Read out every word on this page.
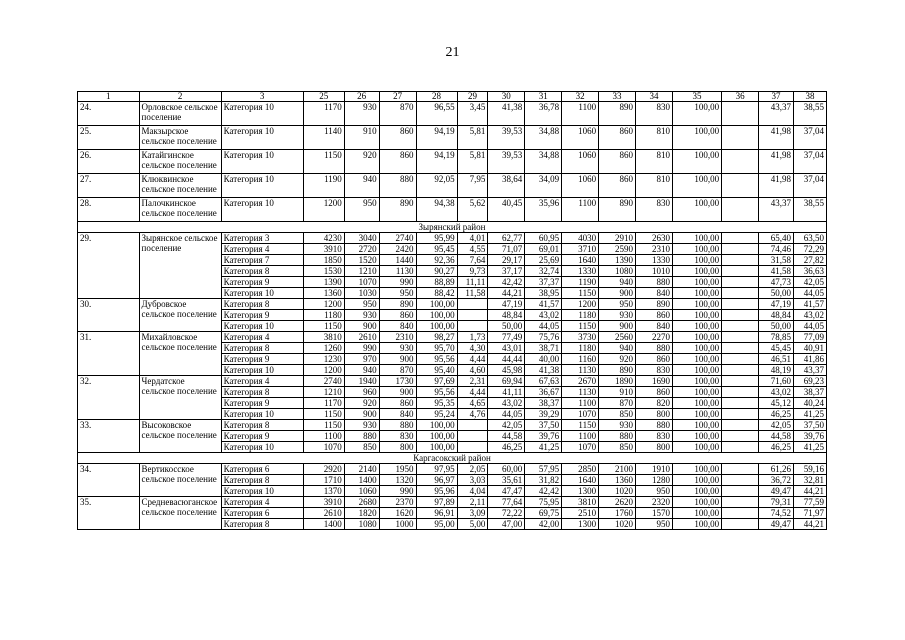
21
1	2	3	25	26	27	28	29	30	31	32	33	34	35	36	37	38
24.	Орловское сельское поселение	Категория 10	1170	930	870	96,55	3,45	41,38	36,78	1100	890	830	100,00		43,37	38,55
25.	Макзырское сельское поселение	Категория 10	1140	910	860	94,19	5,81	39,53	34,88	1060	860	810	100,00		41,98	37,04
26.	Катайгинское сельское поселение	Категория 10	1150	920	860	94,19	5,81	39,53	34,88	1060	860	810	100,00		41,98	37,04
27.	Клюквинское сельское поселение	Категория 10	1190	940	880	92,05	7,95	38,64	34,09	1060	860	810	100,00		41,98	37,04
28.	Палочкинское сельское поселение	Категория 10	1200	950	890	94,38	5,62	40,45	35,96	1100	890	830	100,00		43,37	38,55
Зырянский район																
29.	Зырянское сельское поселение	Категория 3	4230	3040	2740	95,99	4,01	62,77	60,95	4030	2910	2630	100,00		65,40	63,50
		Категория 4	3910	2720	2420	95,45	4,55	71,07	69,01	3710	2590	2310	100,00		74,46	72,29
		Категория 7	1850	1520	1440	92,36	7,64	29,17	25,69	1640	1390	1330	100,00		31,58	27,82
		Категория 8	1530	1210	1130	90,27	9,73	37,17	32,74	1330	1080	1010	100,00		41,58	36,63
		Категория 9	1390	1070	990	88,89	11,11	42,42	37,37	1190	940	880	100,00		47,73	42,05
		Категория 10	1360	1030	950	88,42	11,58	44,21	38,95	1150	900	840	100,00		50,00	44,05
30.	Дубровское сельское поселение	Категория 8	1200	950	890	100,00		47,19	41,57	1200	950	890	100,00		47,19	41,57
		Категория 9	1180	930	860	100,00		48,84	43,02	1180	930	860	100,00		48,84	43,02
		Категория 10	1150	900	840	100,00		50,00	44,05	1150	900	840	100,00		50,00	44,05
31.	Михайловское сельское поселение	Категория 4	3810	2610	2310	98,27	1,73	77,49	75,76	3730	2560	2270	100,00		78,85	77,09
		Категория 8	1260	990	930	95,70	4,30	43,01	38,71	1180	940	880	100,00		45,45	40,91
		Категория 9	1230	970	900	95,56	4,44	44,44	40,00	1160	920	860	100,00		46,51	41,86
		Категория 10	1200	940	870	95,40	4,60	45,98	41,38	1130	890	830	100,00		48,19	43,37
32.	Чердатское сельское поселение	Категория 4	2740	1940	1730	97,69	2,31	69,94	67,63	2670	1890	1690	100,00		71,60	69,23
		Категория 8	1210	960	900	95,56	4,44	41,11	36,67	1130	910	860	100,00		43,02	38,37
		Категория 9	1170	920	860	95,35	4,65	43,02	38,37	1100	870	820	100,00		45,12	40,24
		Категория 10	1150	900	840	95,24	4,76	44,05	39,29	1070	850	800	100,00		46,25	41,25
33.	Высоковское сельское поселение	Категория 8	1150	930	880	100,00		42,05	37,50	1150	930	880	100,00		42,05	37,50
		Категория 9	1100	880	830	100,00		44,58	39,76	1100	880	830	100,00		44,58	39,76
		Категория 10	1070	850	800	100,00		46,25	41,25	1070	850	800	100,00		46,25	41,25
Каргасокский район																
34.	Вертикосское сельское поселение	Категория 6	2920	2140	1950	97,95	2,05	60,00	57,95	2850	2100	1910	100,00		61,26	59,16
		Категория 8	1710	1400	1320	96,97	3,03	35,61	31,82	1640	1360	1280	100,00		36,72	32,81
		Категория 10	1370	1060	990	95,96	4,04	47,47	42,42	1300	1020	950	100,00		49,47	44,21
35.	Средневасюганское сельское поселение	Категория 4	3910	2680	2370	97,89	2,11	77,64	75,95	3810	2620	2320	100,00		79,31	77,59
		Категория 6	2610	1820	1620	96,91	3,09	72,22	69,75	2510	1760	1570	100,00		74,52	71,97
		Категория 8	1400	1080	1000	95,00	5,00	47,00	42,00	1300	1020	950	100,00		49,47	44,21
